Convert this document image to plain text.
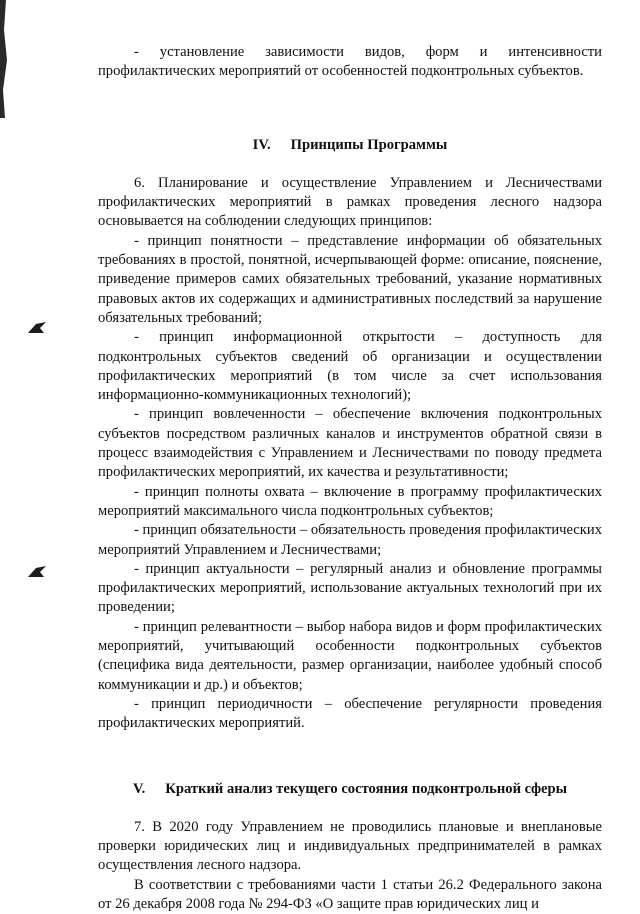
- установление зависимости видов, форм и интенсивности профилактических мероприятий от особенностей подконтрольных субъектов.

IV. Принципы Программы

6. Планирование и осуществление Управлением и Лесничествами профилактических мероприятий в рамках проведения лесного надзора основывается на соблюдении следующих принципов:

- принцип понятности – представление информации об обязательных требованиях в простой, понятной, исчерпывающей форме: описание, пояснение, приведение примеров самих обязательных требований, указание нормативных правовых актов их содержащих и административных последствий за нарушение обязательных требований;

- принцип информационной открытости – доступность для подконтрольных субъектов сведений об организации и осуществлении профилактических мероприятий (в том числе за счет использования информационно-коммуникационных технологий);

- принцип вовлеченности – обеспечение включения подконтрольных субъектов посредством различных каналов и инструментов обратной связи в процесс взаимодействия с Управлением и Лесничествами по поводу предмета профилактических мероприятий, их качества и результативности;

- принцип полноты охвата – включение в программу профилактических мероприятий максимального числа подконтрольных субъектов;

- принцип обязательности – обязательность проведения профилактических мероприятий Управлением и Лесничествами;

- принцип актуальности – регулярный анализ и обновление программы профилактических мероприятий, использование актуальных технологий при их проведении;

- принцип релевантности – выбор набора видов и форм профилактических мероприятий, учитывающий особенности подконтрольных субъектов (специфика вида деятельности, размер организации, наиболее удобный способ коммуникации и др.) и объектов;

- принцип периодичности – обеспечение регулярности проведения профилактических мероприятий.

V. Краткий анализ текущего состояния подконтрольной сферы

7. В 2020 году Управлением не проводились плановые и внеплановые проверки юридических лиц и индивидуальных предпринимателей в рамках осуществления лесного надзора.

В соответствии с требованиями части 1 статьи 26.2 Федерального закона от 26 декабря 2008 года № 294-ФЗ «О защите прав юридических лиц и
